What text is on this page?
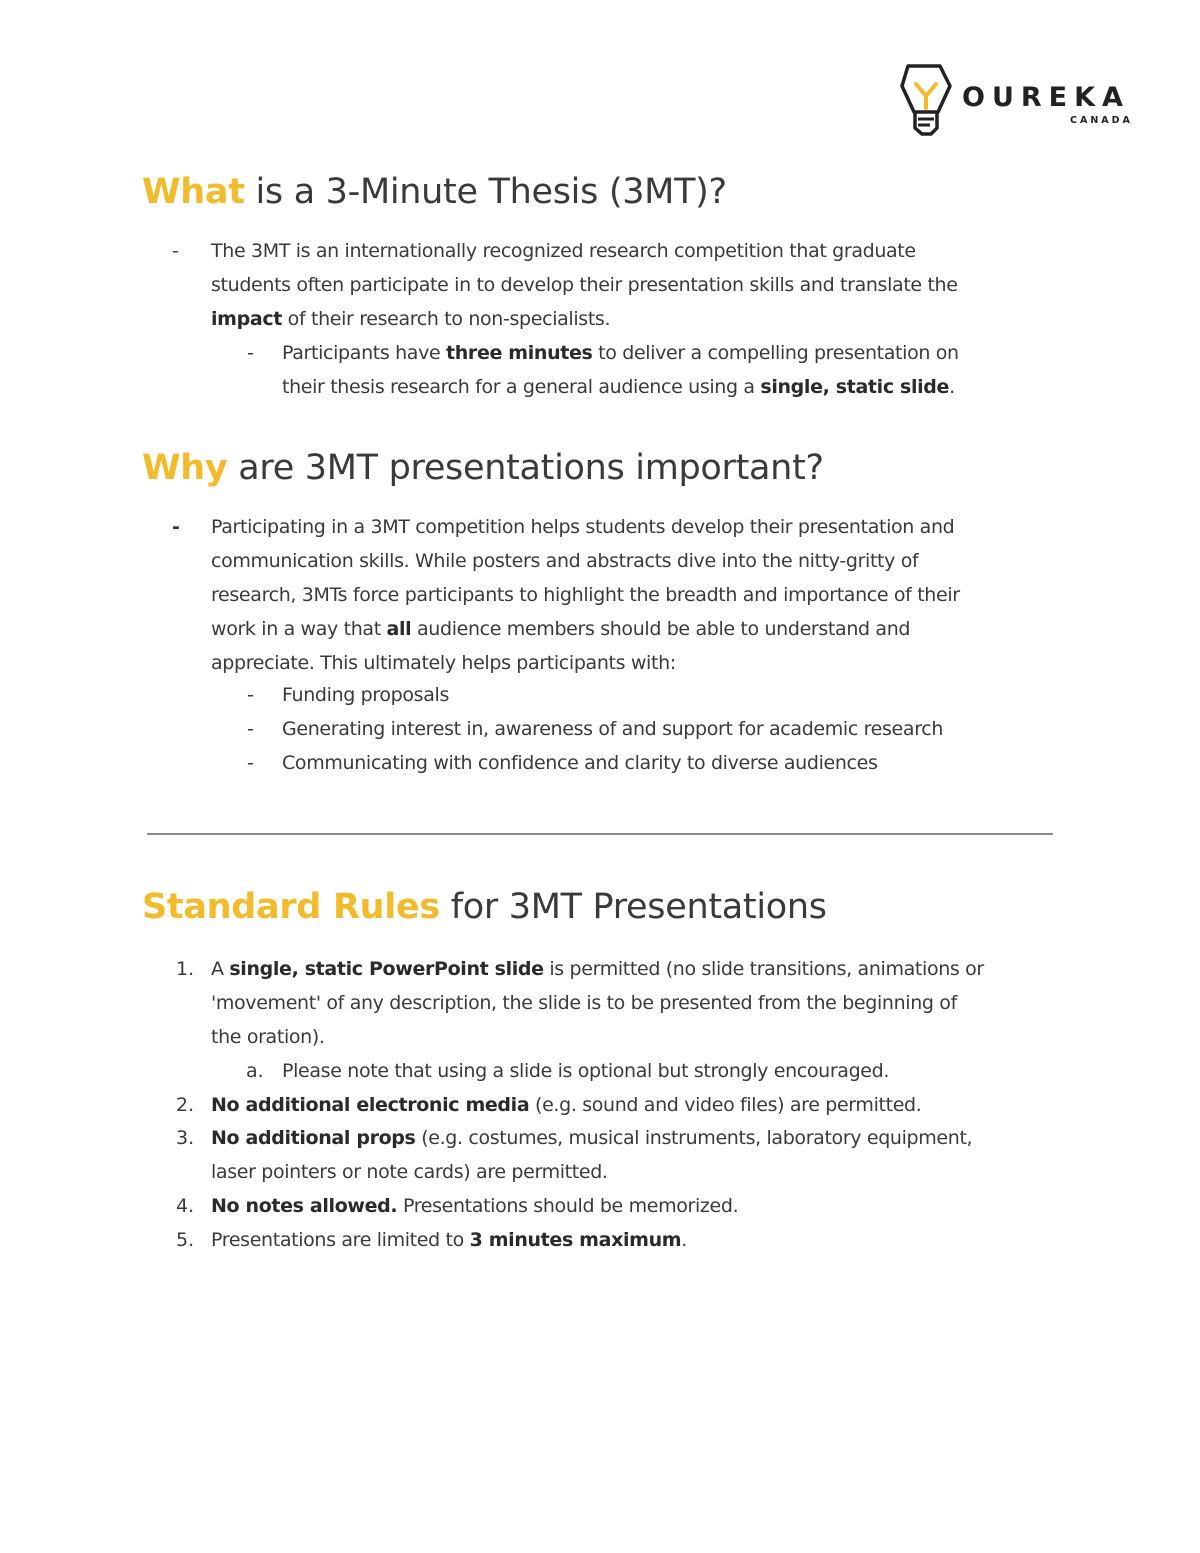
OUREKA
CANADA
What is a 3-Minute Thesis (3MT)?
- The 3MT is an internationally recognized research competition that graduate
students often participate in to develop their presentation skills and translate the
impact of their research to non-specialists.
- Participants have three minutes to deliver a compelling presentation on
their thesis research for a general audience using a single, static slide.
Why are 3MT presentations important?
- Participating in a 3MT competition helps students develop their presentation and
communication skills. While posters and abstracts dive into the nitty-gritty of
research, 3MTs force participants to highlight the breadth and importance of their
work in a way that all audience members should be able to understand and
appreciate. This ultimately helps participants with:
- Funding proposals
- Generating interest in, awareness of and support for academic research
- Communicating with confidence and clarity to diverse audiences
Standard Rules for 3MT Presentations
1. A single, static PowerPoint slide is permitted (no slide transitions, animations or
'movement' of any description, the slide is to be presented from the beginning of
the oration).
a. Please note that using a slide is optional but strongly encouraged.
2. No additional electronic media (e.g. sound and video files) are permitted.
3. No additional props (e.g. costumes, musical instruments, laboratory equipment,
laser pointers or note cards) are permitted.
4. No notes allowed. Presentations should be memorized.
5. Presentations are limited to 3 minutes maximum.
